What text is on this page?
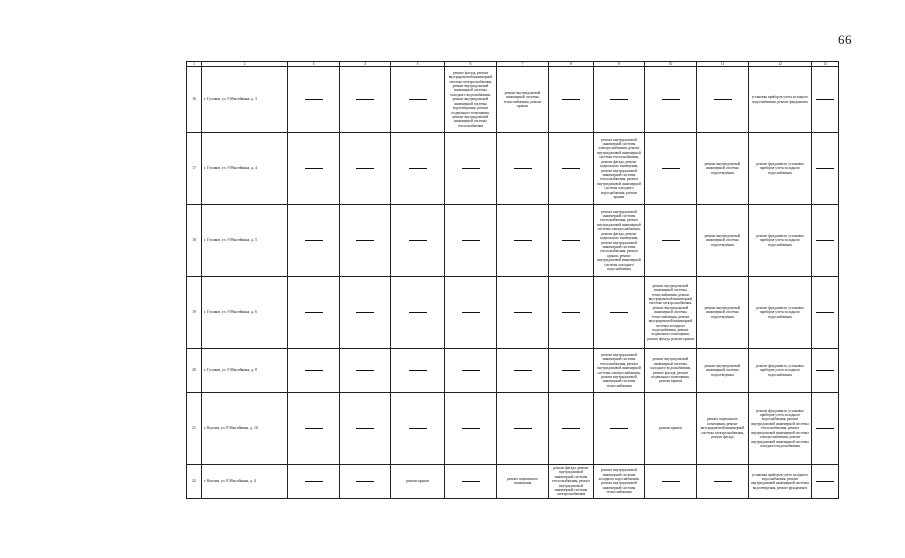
66
1	2	3	4	5	6	7	8	9	10	11	12	13
16	г. Гусиков, ул. 9 Мысейкина, д. 3				ремонт фасада, ремонт внутридомовой инженерной системы электроснабжения, ремонт внутридомовой инженерной системы холодного водоснабжения, ремонт внутридомовой инженерной системы водоотведения, ремонт подвального помещения, ремонт внутридомовой инженерной системы теплоснабжения	ремонт внутридомовой инженерной системы теплоснабжения, ремонт крыши					установка приборов учета холодного водоснабжения, ремонт фундамента	
17	г. Гусиков, ул. 9 Мысейкина, д. 4							ремонт внутридомовой инженерной системы электроснабжения, ремонт внутридомовой инженерной системы теплоснабжения, ремонт фасада, ремонт подвального помещения, ремонт внутридомовой инженерной системы теплоснабжения, ремонт внутридомовой инженерной системы холодного водоснабжения, ремонт крыши		ремонт внутридомовой инженерной системы водоотведения	ремонт фундамента, установка приборов учета холодного водоснабжения	
18	г. Гусиков, ул. 9 Мысейкина, д. 5							ремонт внутридомовой инженерной системы теплоснабжения, ремонт внутридомовой инженерной системы электроснабжения, ремонт фасада, ремонт подвального помещения, ремонт внутридомовой инженерной системы теплоснабжения, ремонт крыши, ремонт внутридомовой инженерной системы холодного водоснабжения		ремонт внутридомовой инженерной системы водоотведения	ремонт фундамента, установка приборов учета холодного водоснабжения	
19	г. Гусиков, ул. 9 Мысейкина, д. 6								ремонт внутридомовой инженерной системы теплоснабжения, ремонт внутридомовой инженерной системы электроснабжения, ремонт внутридомовой инженерной системы теплоснабжения, ремонт внутридомовой инженерной системы холодного водоснабжения, ремонт подвального помещения, ремонт фасада, ремонт крыши	ремонт внутридомовой инженерной системы водоотведения	ремонт фундамента, установка приборов учета холодного водоснабжения	
20	г. Гусиков, ул. 9 Мысейкина, д. 8							ремонт внутридомовой инженерной системы теплоснабжения, ремонт внутридомовой инженерной системы электроснабжения, ремонт внутридомовой инженерной системы теплоснабжения	ремонт внутридомовой инженерной системы холодного водоснабжения, ремонт фасада, ремонт подвального помещения, ремонт крыши	ремонт внутридомовой инженерной системы водоотведения	ремонт фундамента, установка приборов учета холодного водоснабжения	
21	г. Куклин, ул. 8 Мысейкина, д. 10								ремонт крыши	ремонт подвального помещения, ремонт внутридомовой инженерной системы электроснабжения, ремонт фасада	ремонт фундамента, установка приборов учета холодного водоснабжения, ремонт внутридомовой инженерной системы теплоснабжения, ремонт внутридомовой инженерной системы электроснабжения, ремонт внутридомовой инженерной системы холодного водоснабжения	
22	г. Куклин, ул. 8 Мысейкина, д. 4			ремонт крыши		ремонт подвального помещения	ремонт фасада, ремонт внутридомовой инженерной системы теплоснабжения, ремонт внутридомовой инженерной системы электроснабжения	ремонт внутридомовой инженерной системы холодного водоснабжения, ремонт внутридомовой инженерной системы теплоснабжения			установка приборов учета холодного водоснабжения, ремонт внутридомовой инженерной системы водоотведения, ремонт фундамента	
